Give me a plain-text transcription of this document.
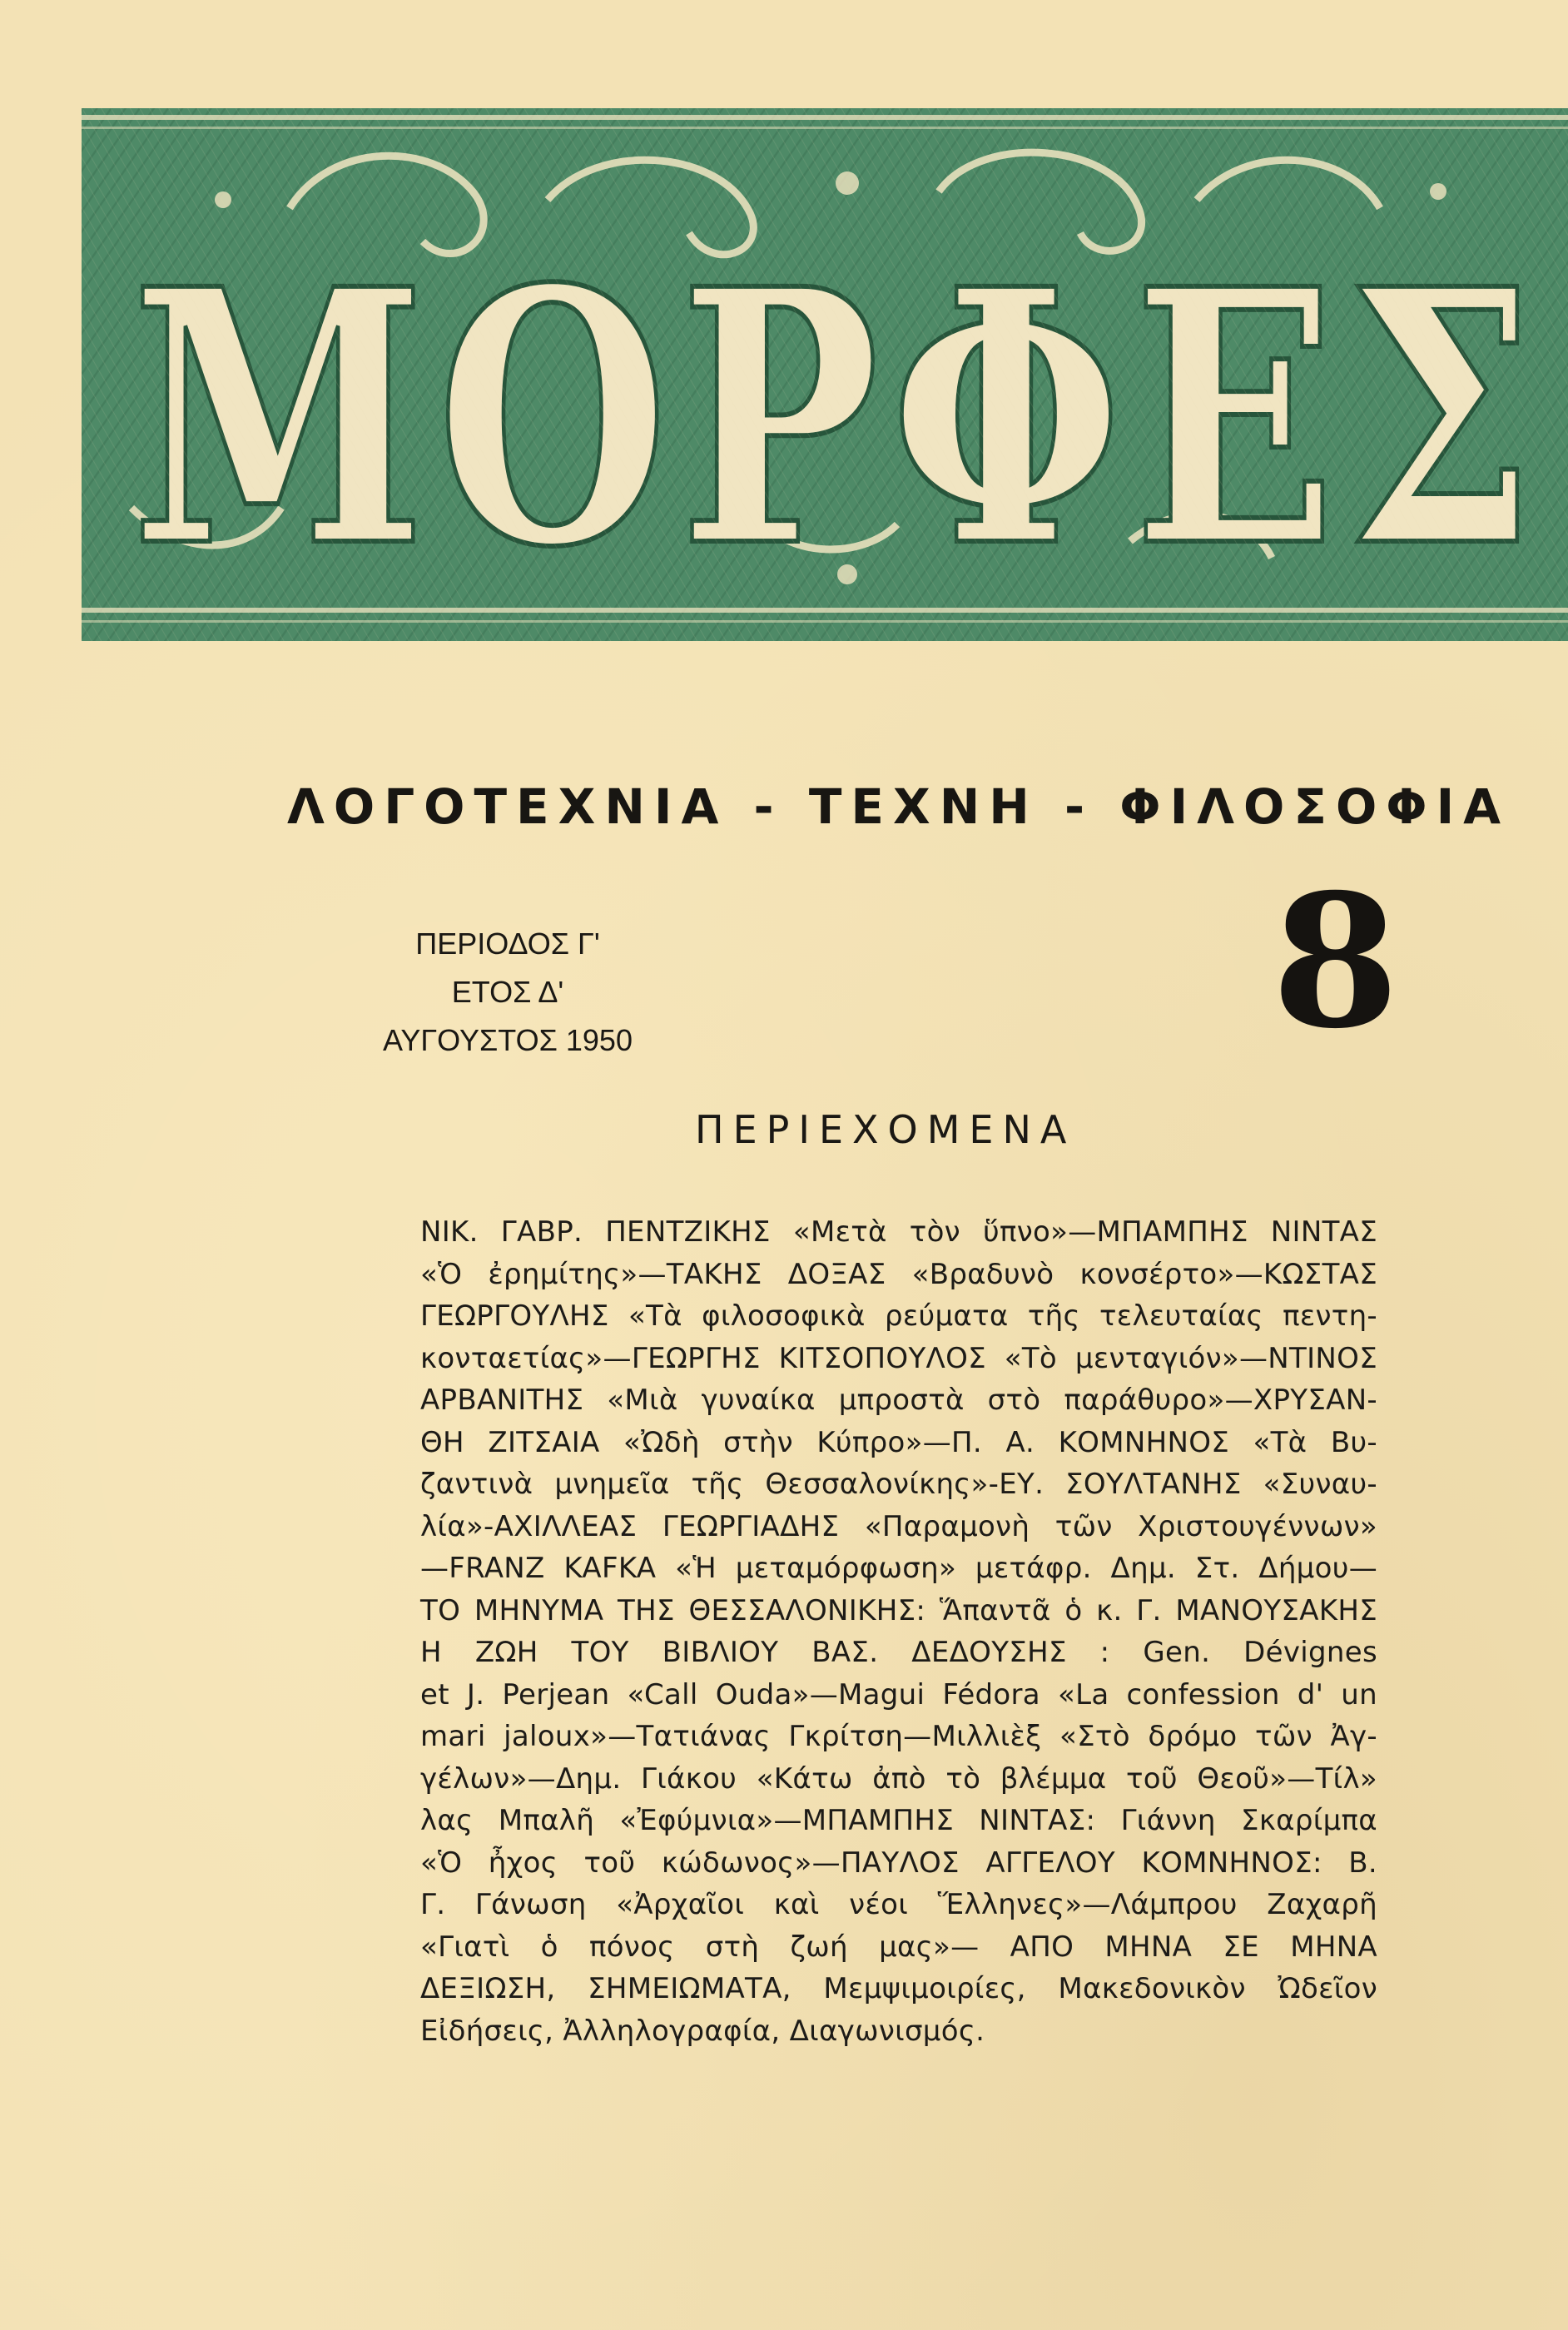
ΜΟΡΦΕΣ
ΛΟΓΟΤΕΧΝΙΑ - ΤΕΧΝΗ - ΦΙΛΟΣΟΦΙΑ
ΠΕΡΙΟΔΟΣ Γ'
ΕΤΟΣ Δ'
ΑΥΓΟΥΣΤΟΣ 1950	8
ΠΕΡΙΕΧΟΜΕΝΑ
ΝΙΚ. ΓΑΒΡ. ΠΕΝΤΖΙΚΗΣ «Μετὰ τὸν ὕπνο»—ΜΠΑΜΠΗΣ ΝΙΝΤΑΣ
«Ὁ ἐρημίτης»—ΤΑΚΗΣ ΔΟΞΑΣ «Βραδυνὸ κονσέρτο»—ΚΩΣΤΑΣ
ΓΕΩΡΓΟΥΛΗΣ «Τὰ φιλοσοφικὰ ρεύματα τῆς τελευταίας πεντη-
κονταετίας»—ΓΕΩΡΓΗΣ ΚΙΤΣΟΠΟΥΛΟΣ «Τὸ μενταγιόν»—ΝΤΙΝΟΣ
ΑΡΒΑΝΙΤΗΣ «Μιὰ γυναίκα μπροστὰ στὸ παράθυρο»—ΧΡΥΣΑΝ-
ΘΗ ΖΙΤΣΑΙΑ «Ὠδὴ στὴν Κύπρο»—Π. Α. ΚΟΜΝΗΝΟΣ «Τὰ Βυ-
ζαντινὰ μνημεῖα τῆς Θεσσαλονίκης»-ΕΥ. ΣΟΥΛΤΑΝΗΣ «Συναυ-
λία»-ΑΧΙΛΛΕΑΣ ΓΕΩΡΓΙΑΔΗΣ «Παραμονὴ τῶν Χριστουγέννων»
—FRANZ KAFKA «Ἡ μεταμόρφωση» μετάφρ. Δημ. Στ. Δήμου—
ΤΟ ΜΗΝΥΜΑ ΤΗΣ ΘΕΣΣΑΛΟΝΙΚΗΣ: Ἅπαντᾶ ὁ κ. Γ. ΜΑΝΟΥΣΑΚΗΣ
Η ΖΩΗ ΤΟΥ ΒΙΒΛΙΟΥ ΒΑΣ. ΔΕΔΟΥΣΗΣ : Gen. Dévignes
et J. Perjean «Call Ouda»—Magui Fédora «La confession d' un
mari jaloux»—Τατιάνας Γκρίτση—Μιλλιὲξ «Στὸ δρόμο τῶν Ἀγ-
γέλων»—Δημ. Γιάκου «Κάτω ἀπὸ τὸ βλέμμα τοῦ Θεοῦ»—Τίλ»
λας Μπαλῆ «Ἐφύμνια»—ΜΠΑΜΠΗΣ ΝΙΝΤΑΣ: Γιάννη Σκαρίμπα
«Ὁ ἦχος τοῦ κώδωνος»—ΠΑΥΛΟΣ ΑΓΓΕΛΟΥ ΚΟΜΝΗΝΟΣ: Β.
Γ. Γάνωση «Ἀρχαῖοι καὶ νέοι Ἕλληνες»—Λάμπρου Ζαχαρῆ
«Γιατὶ ὁ πόνος στὴ ζωή μας»— ΑΠΟ ΜΗΝΑ ΣΕ ΜΗΝΑ
ΔΕΞΙΩΣΗ, ΣΗΜΕΙΩΜΑΤΑ, Μεμψιμοιρίες, Μακεδονικὸν Ὠδεῖον
Εἰδήσεις, Ἀλληλογραφία, Διαγωνισμός.
